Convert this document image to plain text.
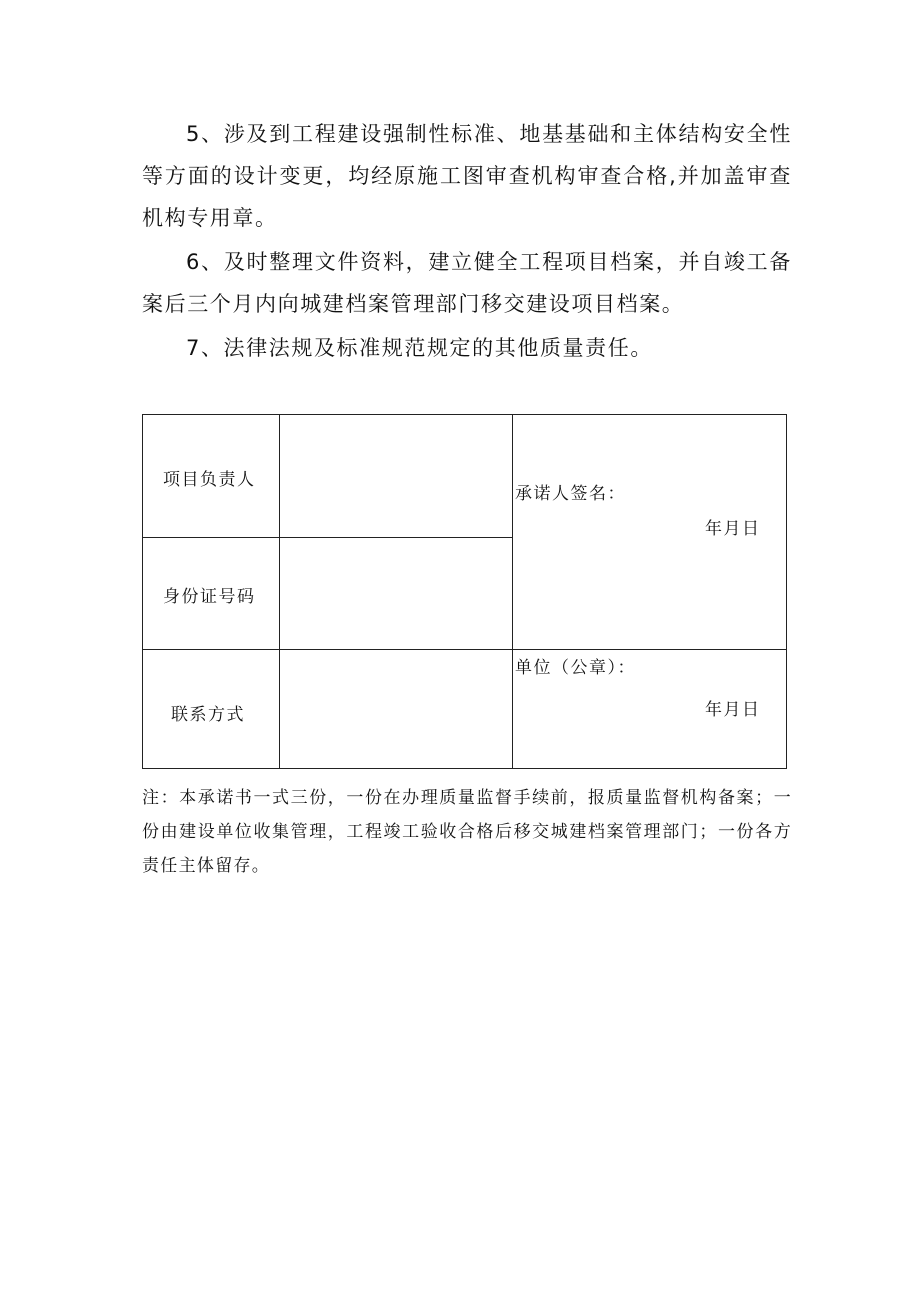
5、涉及到工程建设强制性标准、地基基础和主体结构安全性等方面的设计变更，均经原施工图审查机构审查合格,并加盖审查机构专用章。

6、及时整理文件资料，建立健全工程项目档案，并自竣工备案后三个月内向城建档案管理部门移交建设项目档案。

7、法律法规及标准规范规定的其他质量责任。

项目负责人
身份证号码
联系方式
承诺人签名：
年月日
单位（公章）：
年月日

注：本承诺书一式三份，一份在办理质量监督手续前，报质量监督机构备案；一份由建设单位收集管理，工程竣工验收合格后移交城建档案管理部门；一份各方责任主体留存。
